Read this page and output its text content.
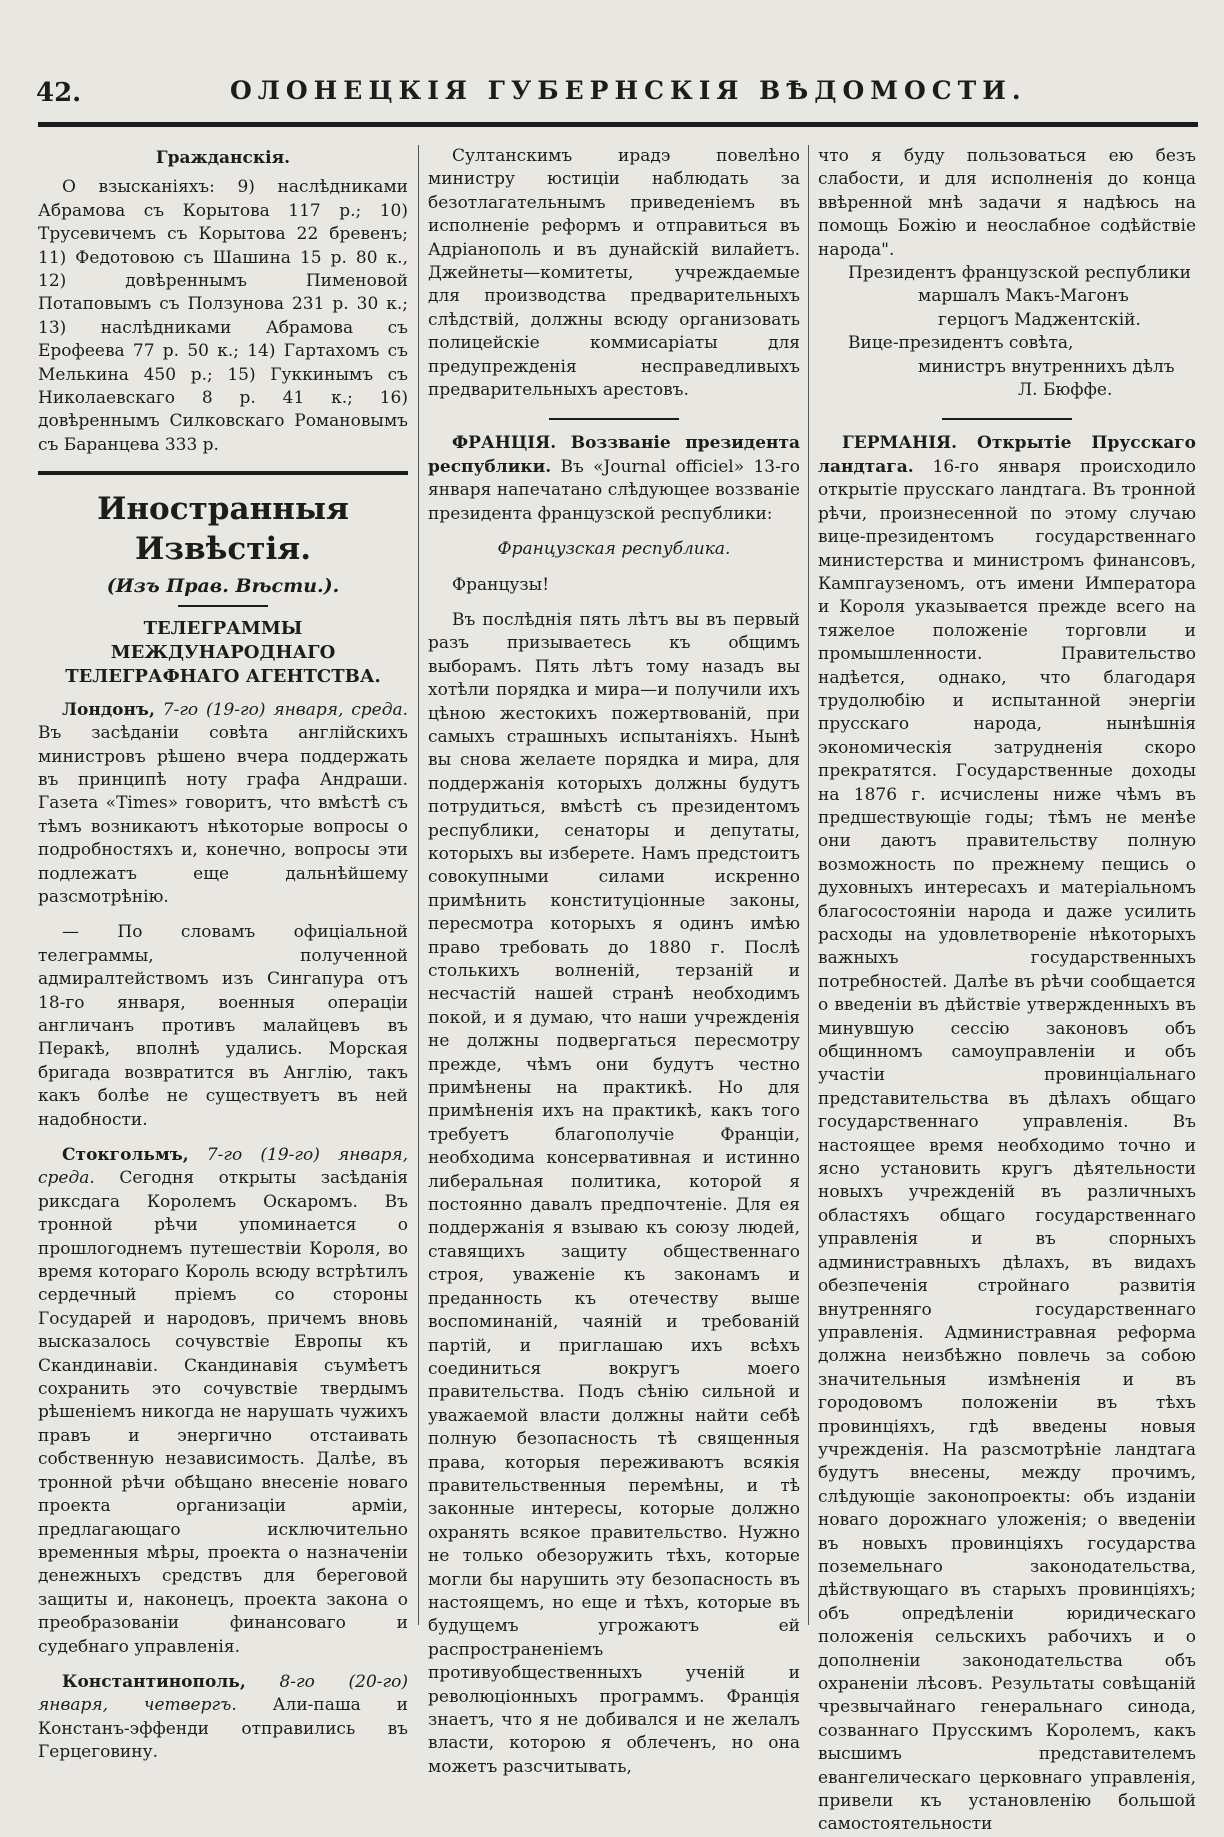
42.	ОЛОНЕЦКІЯ ГУБЕРНСКІЯ ВѢДОМОСТИ.

Гражданскія.

О взысканіяхъ: 9) наслѣдниками Абрамова съ Корытова 117 р.; 10) Трусевичемъ съ Корытова 22 бревенъ; 11) Федотовою съ Шашина 15 р. 80 к., 12) довѣреннымъ Пименовой Потаповымъ съ Ползунова 231 р. 30 к.; 13) наслѣдниками Абрамова съ Ерофеева 77 р. 50 к.; 14) Гартахомъ съ Мелькина 450 р.; 15) Гуккинымъ съ Николаевскаго 8 р. 41 к.; 16) довѣреннымъ Силковскаго Романовымъ съ Баранцева 333 р.

Иностранныя Извѣстія.

(Изъ Прав. Вѣсти.).

ТЕЛЕГРАММЫ МЕЖДУНАРОДНАГО ТЕЛЕГРАФНАГО АГЕНТСТВА.

Лондонъ, 7-го (19-го) января, среда. Въ засѣданіи совѣта англійскихъ министровъ рѣшено вчера поддержать въ принципѣ ноту графа Андраши. Газета «Times» говоритъ, что вмѣстѣ съ тѣмъ возникаютъ нѣкоторые вопросы о подробностяхъ и, конечно, вопросы эти подлежатъ еще дальнѣйшему разсмотрѣнію.

— По словамъ офиціальной телеграммы, полученной адмиралтействомъ изъ Сингапура отъ 18-го января, военныя операціи англичанъ противъ малайцевъ въ Перакѣ, вполнѣ удались. Морская бригада возвратится въ Англію, такъ какъ болѣе не существуетъ въ ней надобности.

Стокгольмъ, 7-го (19-го) января, среда. Сегодня открыты засѣданія риксдага Королемъ Оскаромъ. Въ тронной рѣчи упоминается о прошлогоднемъ путешествіи Короля, во время котораго Король всюду встрѣтилъ сердечный пріемъ со стороны Государей и народовъ, причемъ вновь высказалось сочувствіе Европы къ Скандинавіи. Скандинавія съумѣетъ сохранить это сочувствіе твердымъ рѣшеніемъ никогда не нарушать чужихъ правъ и энергично отстаивать собственную независимость. Далѣе, въ тронной рѣчи обѣщано внесеніе новаго проекта организаціи арміи, предлагающаго исключительно временныя мѣры, проекта о назначеніи денежныхъ средствъ для береговой защиты и, наконецъ, проекта закона о преобразованіи финансоваго и судебнаго управленія.

Константинополь, 8-го (20-го) января, четвергъ. Али-паша и Констанъ-эффенди отправились въ Герцеговину.

Султанскимъ ирадэ повелѣно министру юстиціи наблюдать за безотлагательнымъ приведеніемъ въ исполненіе реформъ и отправиться въ Адріанополь и въ дунайскій вилайетъ. Джейнеты—комитеты, учреждаемые для производства предварительныхъ слѣдствій, должны всюду организовать полицейскіе коммисаріаты для предупрежденія несправедливыхъ предварительныхъ арестовъ.

ФРАНЦІЯ. Воззваніе президента республики. Въ «Journal officiel» 13-го января напечатано слѣдующее воззваніе президента французской республики:

Французская республика.

Французы!

Въ послѣднія пять лѣтъ вы въ первый разъ призываетесь къ общимъ выборамъ. Пять лѣтъ тому назадъ вы хотѣли порядка и мира—и получили ихъ цѣною жестокихъ пожертвованій, при самыхъ страшныхъ испытаніяхъ. Нынѣ вы снова желаете порядка и мира, для поддержанія которыхъ должны будутъ потрудиться, вмѣстѣ съ президентомъ республики, сенаторы и депутаты, которыхъ вы изберете. Намъ предстоитъ совокупными силами искренно примѣнить конституціонные законы, пересмотра которыхъ я одинъ имѣю право требовать до 1880 г. Послѣ столькихъ волненій, терзаній и несчастій нашей странѣ необходимъ покой, и я думаю, что наши учрежденія не должны подвергаться пересмотру прежде, чѣмъ они будутъ честно примѣнены на практикѣ. Но для примѣненія ихъ на практикѣ, какъ того требуетъ благополучіе Франціи, необходима консервативная и истинно либеральная политика, которой я постоянно давалъ предпочтеніе. Для ея поддержанія я взываю къ союзу людей, ставящихъ защиту общественнаго строя, уваженіе къ законамъ и преданность къ отечеству выше воспоминаній, чаяній и требованій партій, и приглашаю ихъ всѣхъ соединиться вокругъ моего правительства. Подъ сѣнію сильной и уважаемой власти должны найти себѣ полную безопасность тѣ священныя права, которыя переживаютъ всякія правительственныя перемѣны, и тѣ законные интересы, которые должно охранять всякое правительство. Нужно не только обезоружить тѣхъ, которые могли бы нарушить эту безопасность въ настоящемъ, но еще и тѣхъ, которые въ будущемъ угрожаютъ ей распространеніемъ противуобщественныхъ ученій и революціонныхъ программъ. Франція знаетъ, что я не добивался и не желалъ власти, которою я облеченъ, но она можетъ разсчитывать,

что я буду пользоваться ею безъ слабости, и для исполненія до конца ввѣренной мнѣ задачи я надѣюсь на помощь Божію и неослабное содѣйствіе народа".

Президентъ французской республики

маршалъ Макъ-Магонъ

герцогъ Маджентскій.

Вице-президентъ совѣта,

министръ внутреннихъ дѣлъ

Л. Бюффе.

ГЕРМАНІЯ. Открытіе Прусскаго ландтага. 16-го января происходило открытіе прусскаго ландтага. Въ тронной рѣчи, произнесенной по этому случаю вице-президентомъ государственнаго министерства и министромъ финансовъ, Кампгаузеномъ, отъ имени Императора и Короля указывается прежде всего на тяжелое положеніе торговли и промышленности. Правительство надѣется, однако, что благодаря трудолюбію и испытанной энергіи прусскаго народа, нынѣшнія экономическія затрудненія скоро прекратятся. Государственные доходы на 1876 г. исчислены ниже чѣмъ въ предшествующіе годы; тѣмъ не менѣе они даютъ правительству полную возможность по прежнему пещись о духовныхъ интересахъ и матеріальномъ благосостояніи народа и даже усилить расходы на удовлетвореніе нѣкоторыхъ важныхъ государственныхъ потребностей. Далѣе въ рѣчи сообщается о введеніи въ дѣйствіе утвержденныхъ въ минувшую сессію законовъ объ общинномъ самоуправленіи и объ участіи провинціальнаго представительства въ дѣлахъ общаго государственнаго управленія. Въ настоящее время необходимо точно и ясно установить кругъ дѣятельности новыхъ учрежденій въ различныхъ областяхъ общаго государственнаго управленія и въ спорныхъ администравныхъ дѣлахъ, въ видахъ обезпеченія стройнаго развитія внутренняго государственнаго управленія. Администравная реформа должна неизбѣжно повлечь за собою значительныя измѣненія и въ городовомъ положеніи въ тѣхъ провинціяхъ, гдѣ введены новыя учрежденія. На разсмотрѣніе ландтага будутъ внесены, между прочимъ, слѣдующіе законопроекты: объ изданіи новаго дорожнаго уложенія; о введеніи въ новыхъ провинціяхъ государства поземельнаго законодательства, дѣйствующаго въ старыхъ провинціяхъ; объ опредѣленіи юридическаго положенія сельскихъ рабочихъ и о дополненіи законодательства объ охраненіи лѣсовъ. Результаты совѣщаній чрезвычайнаго генеральнаго синода, созваннаго Прусскимъ Королемъ, какъ высшимъ представителемъ евангелическаго церковнаго управленія, привели къ установленію большой самостоятельности
